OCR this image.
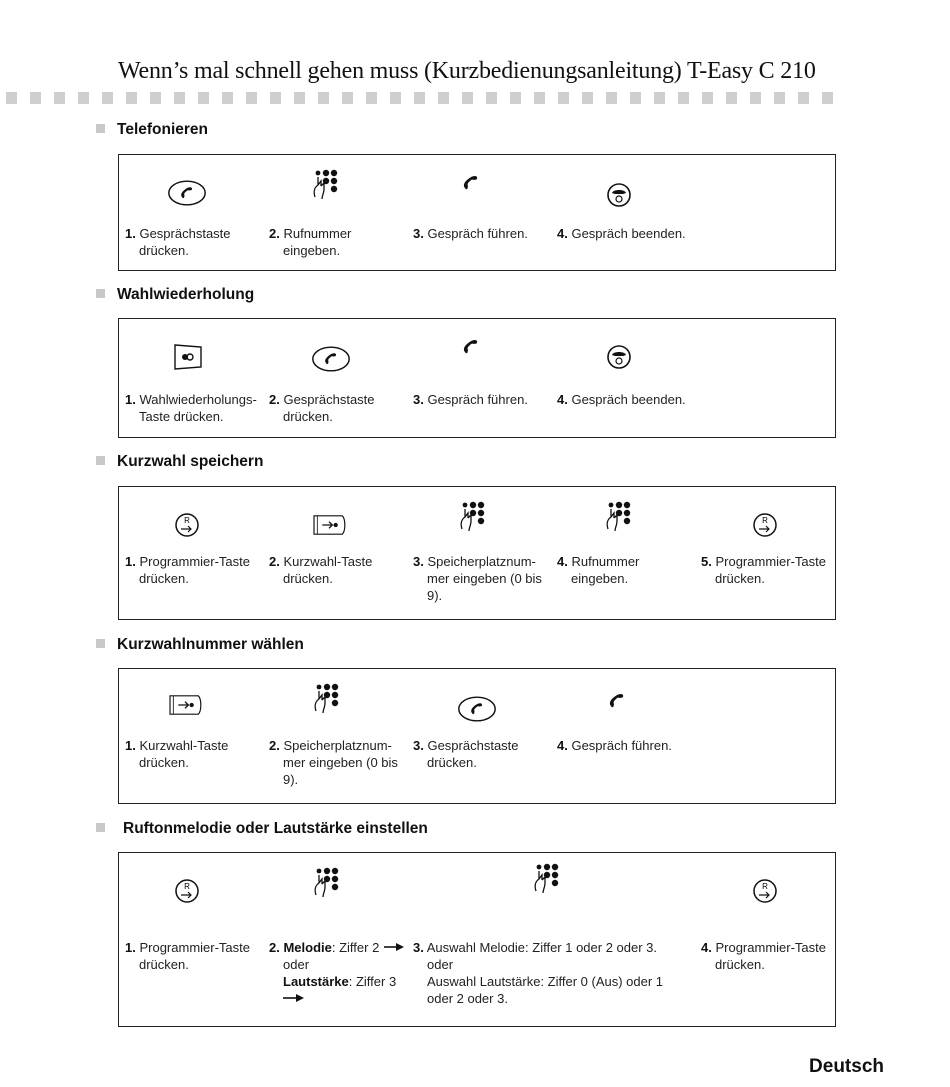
Wenn’s mal schnell gehen muss (Kurzbedienungsanleitung) T-Easy C 210
Telefonieren
1. Gesprächstaste
drücken.
2. Rufnummer
eingeben.
3. Gespräch führen. 4. Gespräch beenden.
Wahlwiederholung
1. Wahlwiederholungs-
Taste drücken.
2. Gesprächstaste
drücken.
3. Gespräch führen. 4. Gespräch beenden.
Kurzwahl speichern
R	R
1. Programmier-Taste
drücken.
2. Kurzwahl-Taste
drücken.
3. Speicherplatznum-
mer eingeben (0 bis
9).
4. Rufnummer
eingeben.
5. Programmier-Taste
drücken.
Kurzwahlnummer wählen
1. Kurzwahl-Taste
drücken.
2. Speicherplatznum-
mer eingeben (0 bis
9).
3. Gesprächstaste
drücken.
4. Gespräch führen.
Ruftonmelodie oder Lautstärke einstellen
R	R
1. Programmier-Taste
drücken.
2. Melodie: Ziffer 2
oder
Lautstärke: Ziffer 3
3. Auswahl Melodie: Ziffer 1 oder 2 oder 3.
oder
Auswahl Lautstärke: Ziffer 0 (Aus) oder 1
oder 2 oder 3.
4. Programmier-Taste
drücken.
Deutsch
